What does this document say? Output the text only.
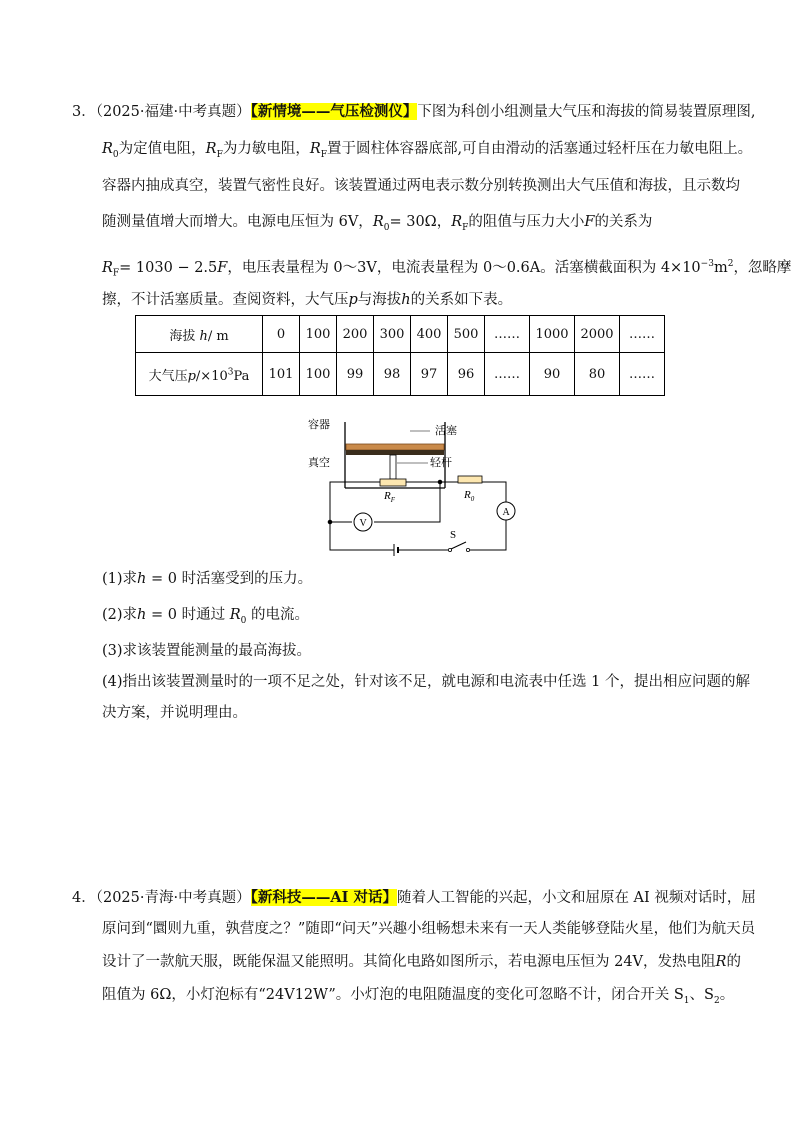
3．（2025·福建·中考真题）【新情境——气压检测仪】下图为科创小组测量大气压和海拔的简易装置原理图,
$R_0$为定值电阻，$R_F$为力敏电阻，$R_F$置于圆柱体容器底部,可自由滑动的活塞通过轻杆压在力敏电阻上。
容器内抽成真空，装置气密性良好。该装置通过两电表示数分别转换测出大气压值和海拔，且示数均
随测量值增大而增大。电源电压恒为 6V，$R_0= 30\Omega$，$R_F$的阻值与压力大小F的关系为
$R_F= 1030 - 2.5F$，电压表量程为 0～3V，电流表量程为 0～0.6A。活塞横截面积为 $4\times 10^{-3}m^2$，忽略摩
擦，不计活塞质量。查阅资料，大气压p与海拔h的关系如下表。
海拔 h/ m	0	100	200	300	400	500	……	1000	2000	……
大气压$p/\times 10^3Pa$	101	100	99	98	97	96	……	90	80	……
容器	活塞
真空	轻杆
$R_F$	$R_0$
V
A
S
(1)求h = 0 时活塞受到的压力。
(2)求h = 0 时通过 $R_0$ 的电流。
(3)求该装置能测量的最高海拔。
(4)指出该装置测量时的一项不足之处，针对该不足，就电源和电流表中任选 1 个，提出相应问题的解
决方案，并说明理由。
4．（2025·青海·中考真题）【新科技——AI 对话】随着人工智能的兴起，小文和屈原在 AI 视频对话时，屈
原问到“圜则九重，孰营度之？”随即“问天”兴趣小组畅想未来有一天人类能够登陆火星，他们为航天员
设计了一款航天服，既能保温又能照明。其简化电路如图所示，若电源电压恒为 24V，发热电阻R的
阻值为 6Ω，小灯泡标有“24V12W”。小灯泡的电阻随温度的变化可忽略不计，闭合开关 $S_1$、$S_2$。
